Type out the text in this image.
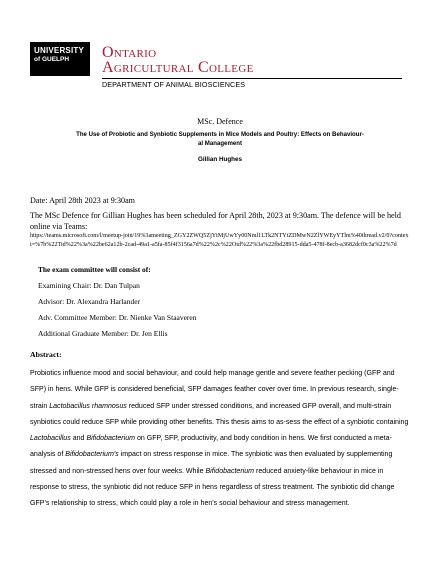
UNIVERSITY
of GUELPH	Ontario
Agricultural College
DEPARTMENT OF ANIMAL BIOSCIENCES
MSc. Defence
The Use of Probiotic and Synbiotic Supplements in Mice Models and Poultry: Effects on Behaviour-
al Management
Gillian Hughes
Date: April 28th 2023 at 9:30am
The MSc Defence for Gillian Hughes has been scheduled for April 28th, 2023 at 9:30am. The defence will be held online via Teams:
https://teams.microsoft.com/l/meetup-join/19%3ameeting_ZGY2ZWQ5ZjYtMjUwYy00Nml1LTk2NTYtZDMwN2ZlYWEyYTlm%40thread.v2/0?context=%7b%22Tid%22%3a%22be62a12b-2cad-49a1-a5fa-85f4f3156a7d%22%2c%22Oid%22%3a%22fbd28915-dda5-478f-8ecb-a3682dcf0c3a%22%7d
The exam committee will consist of:
Examining Chair: Dr. Dan Tulpan
Advisor: Dr. Alexandra Harlander
Adv. Committee Member: Dr. Nienke Van Staaveren
Additional Graduate Member: Dr. Jen Ellis
Abstract:
Probiotics influence mood and social behaviour, and could help manage gentle and severe feather pecking (GFP and SFP) in hens. While GFP is considered beneficial, SFP damages feather cover over time. In previous research, single-strain Lactobacillus rhamnosus reduced SFP under stressed conditions, and increased GFP overall, and multi-strain synbiotics could reduce SFP while providing other benefits. This thesis aims to as-sess the effect of a synbiotic containing Lactobacillus and Bifidobacterium on GFP, SFP, productivity, and body condition in hens. We first conducted a meta-analysis of Bifidobacterium's impact on stress response in mice. The synbiotic was then evaluated by supplementing stressed and non-stressed hens over four weeks. While Bifidobacterium reduced anxiety-like behaviour in mice in response to stress, the synbiotic did not reduce SFP in hens regardless of stress treatment. The synbiotic did change GFP's relationship to stress, which could play a role in hen's social behaviour and stress management.
